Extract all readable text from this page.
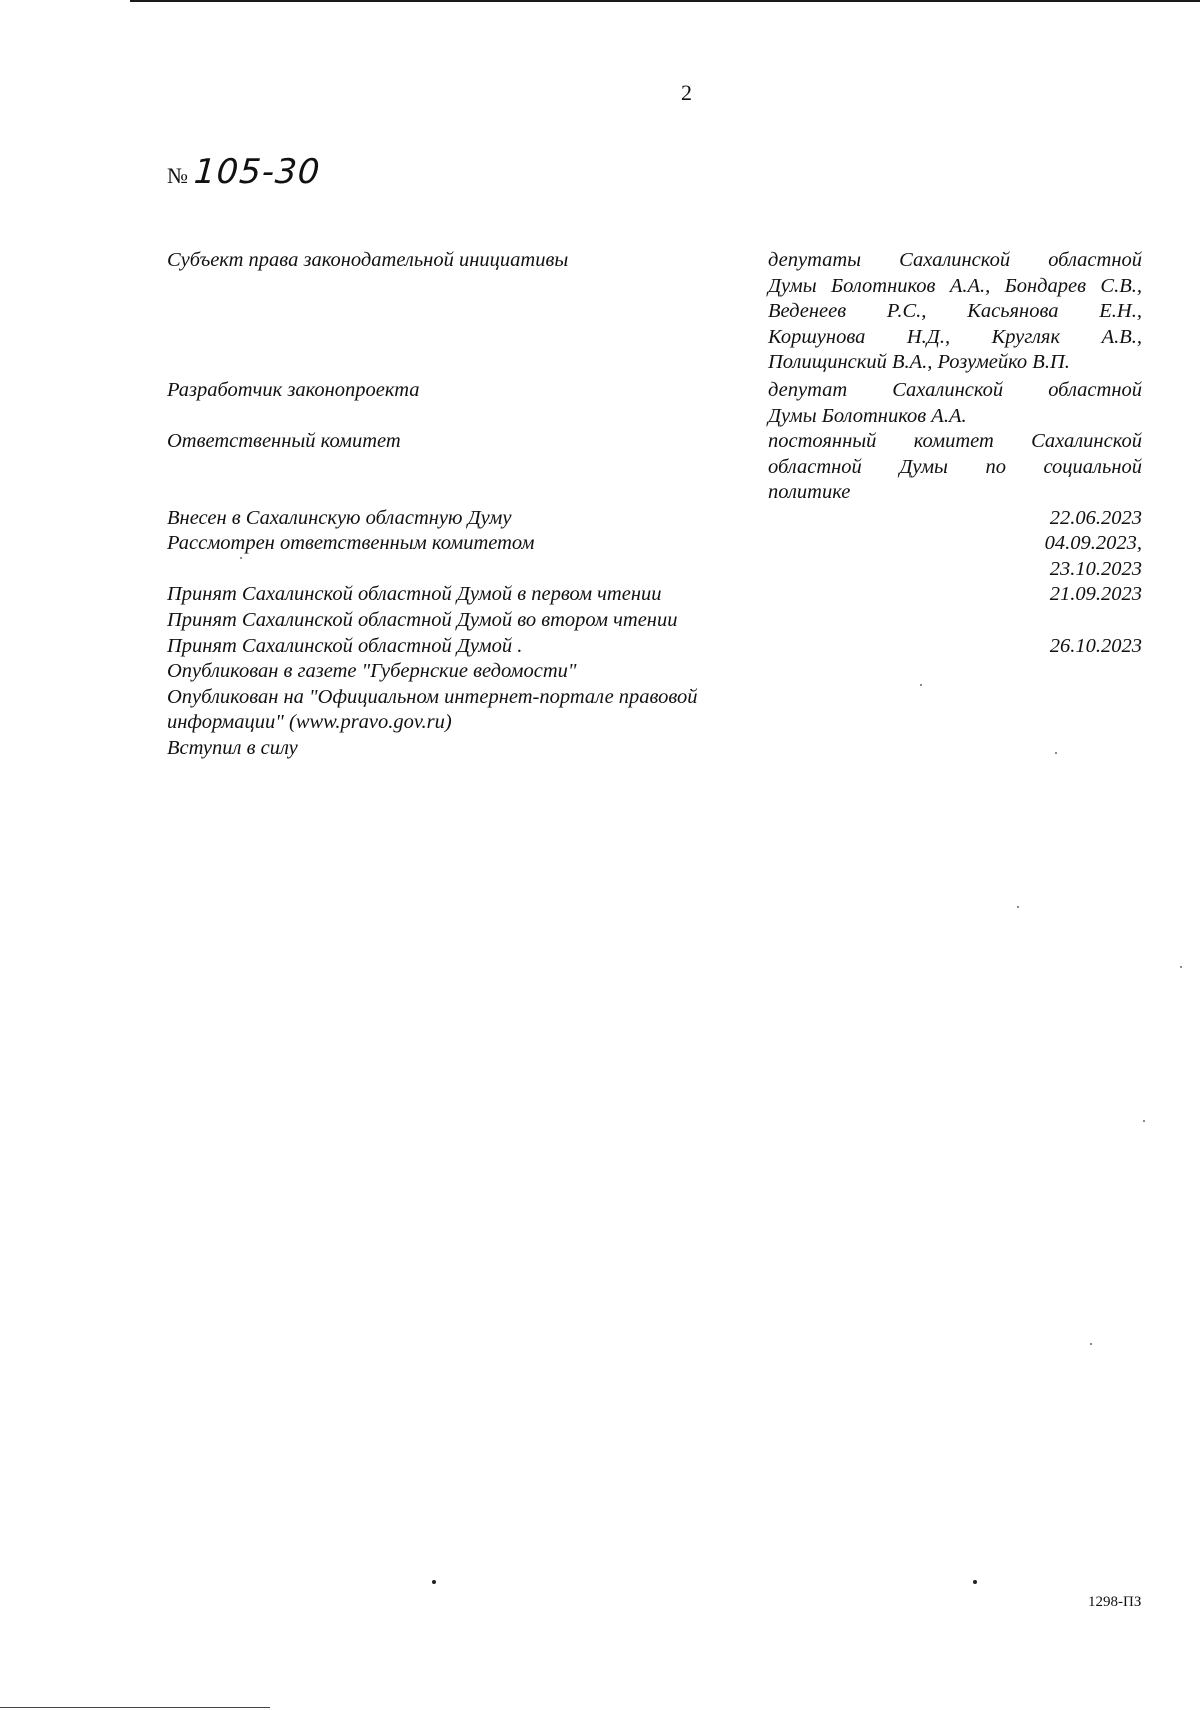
2
№ 105-30
Субъект права законодательной инициативы	депутаты Сахалинской областной
Думы Болотников А.А., Бондарев С.В.,
Веденеев Р.С., Касьянова Е.Н.,
Коршунова Н.Д., Кругляк А.В.,
Полищинский В.А., Розумейко В.П.
Разработчик законопроекта	депутат Сахалинской областной
Думы Болотников А.А.
Ответственный комитет	постоянный комитет Сахалинской
областной Думы по социальной
политике
Внесен в Сахалинскую областную Думу	22.06.2023
Рассмотрен ответственным комитетом	04.09.2023,
23.10.2023
Принят Сахалинской областной Думой в первом чтении	21.09.2023
Принят Сахалинской областной Думой во втором чтении
Принят Сахалинской областной Думой .	26.10.2023
Опубликован в газете "Губернские ведомости"
Опубликован на "Официальном интернет-портале правовой
информации" (www.pravo.gov.ru)
Вступил в силу
1298-ПЗ
